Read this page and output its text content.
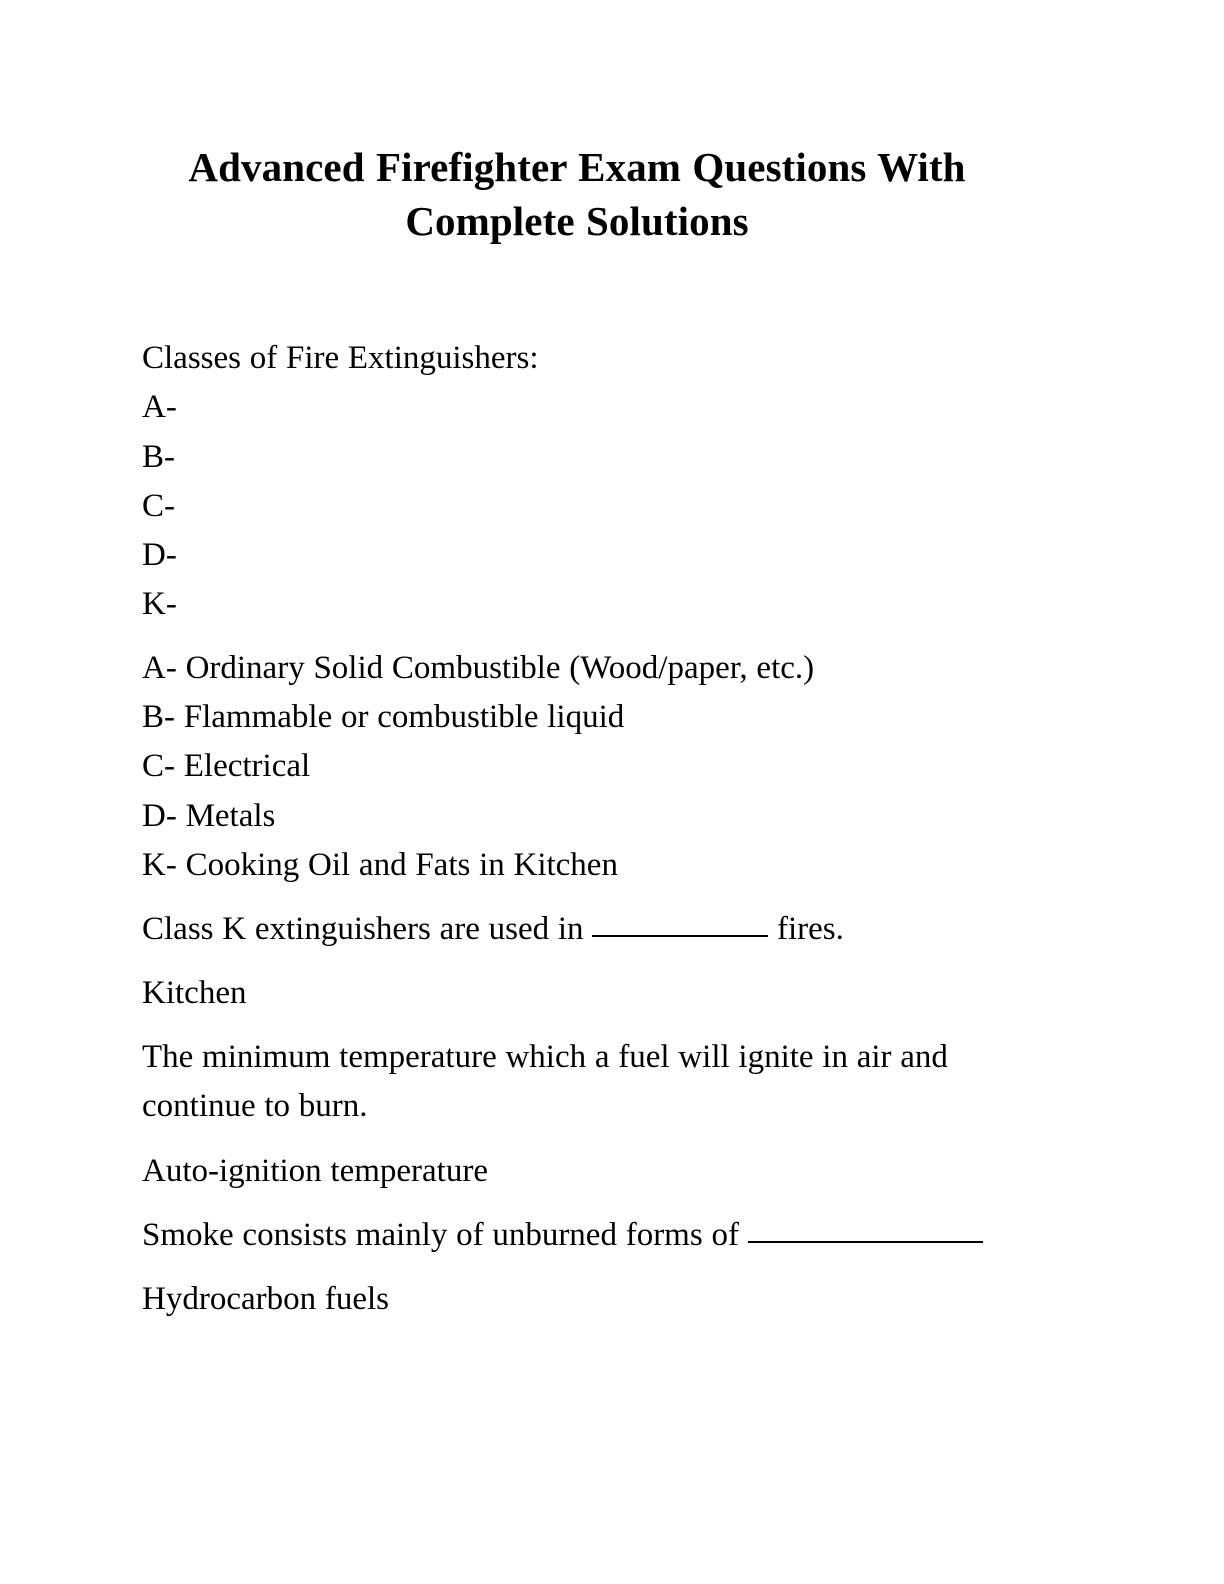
Advanced Firefighter Exam Questions With
Complete Solutions

Classes of Fire Extinguishers:

A-

B-

C-

D-

K-

A- Ordinary Solid Combustible (Wood/paper, etc.)

B- Flammable or combustible liquid

C- Electrical

D- Metals

K- Cooking Oil and Fats in Kitchen

Class K extinguishers are used in	fires.

Kitchen

The minimum temperature which a fuel will ignite in air and continue to burn.

Auto-ignition temperature

Smoke consists mainly of unburned forms of

Hydrocarbon fuels
